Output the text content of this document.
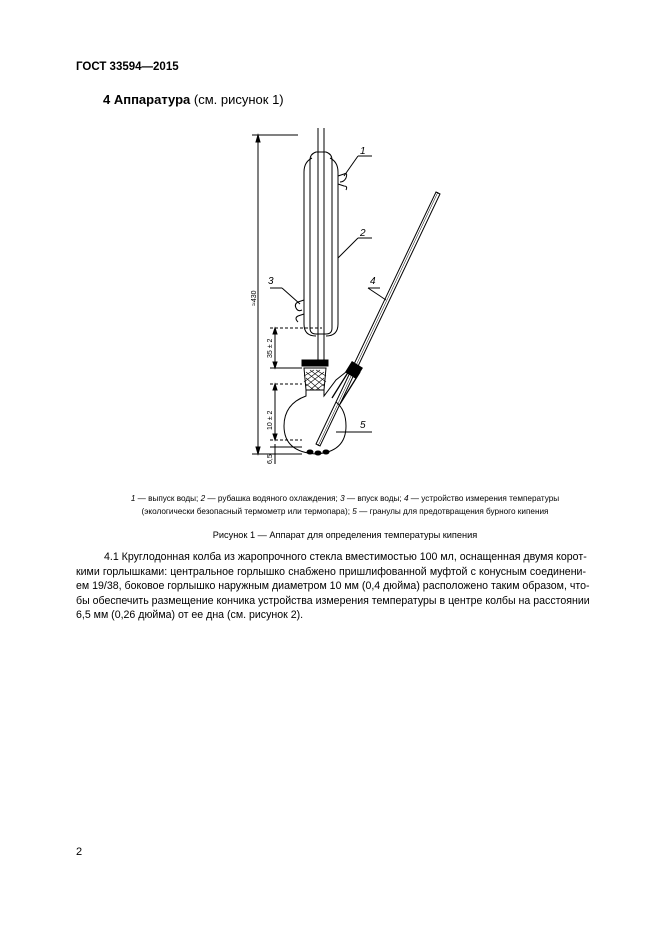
ГОСТ 33594—2015
4 Аппаратура (см. рисунок 1)
1
2
3	4
5
≈430
35 ± 2
10 ± 2
6,5
1 — выпуск воды; 2 — рубашка водяного охлаждения; 3 — впуск воды; 4 — устройство измерения температуры
(экологически безопасный термометр или термопара); 5 — гранулы для предотвращения бурного кипения
Рисунок 1 — Аппарат для определения температуры кипения
4.1 Круглодонная колба из жаропрочного стекла вместимостью 100 мл, оснащенная двумя корот-
кими горлышками: центральное горлышко снабжено пришлифованной муфтой с конусным соединени-
ем 19/38, боковое горлышко наружным диаметром 10 мм (0,4 дюйма) расположено таким образом, что-
бы обеспечить размещение кончика устройства измерения температуры в центре колбы на расстоянии
6,5 мм (0,26 дюйма) от ее дна (см. рисунок 2).
2
